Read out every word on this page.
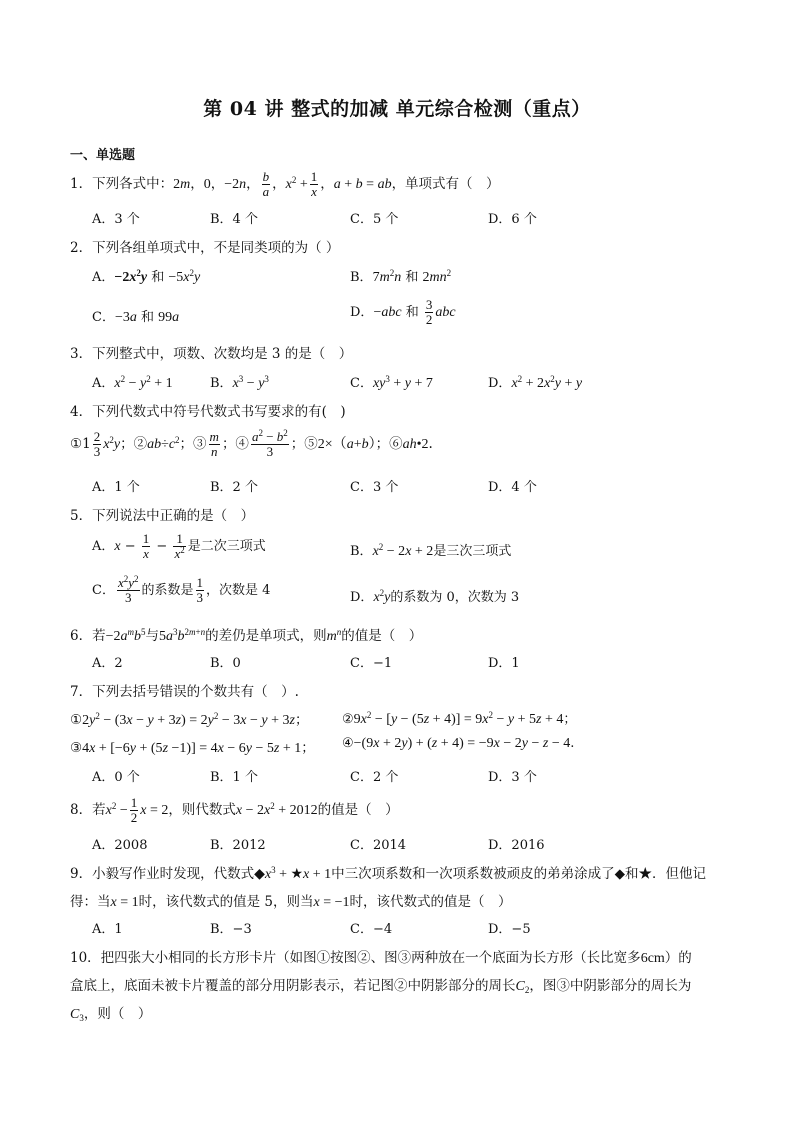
第 04 讲 整式的加减 单元综合检测（重点）
一、单选题
1．下列各式中：2m，0，−2n， $\frac{b}{a}$ ，$x^2 + \frac{1}{x}$ ，a + b = ab，单项式有（　）
A．3 个	B．4 个	C．5 个	D．6 个
2．下列各组单项式中，不是同类项的为（ ）
A．$-2x^2y$ 和 $-5x^2y$	B．$7m^2n$ 和 $2mn^2$
C．−3a 和 99a	D．−abc 和 $\frac{3}{2}$ abc
3．下列整式中，项数、次数均是 3 的是（　）
A．$x^2 - y^2 + 1$	B．$x^3 - y^3$	C．$xy^3 + y + 7$	D．$x^2 + 2x^2y + y$
4．下列代数式中符号代数式书写要求的有(　)
①1 $\frac{2}{3} x^2y$；$②ab\div c^2$；③ $\frac{m}{n}$ ；④ $\frac{a^2 - b^2}{3}$ ；⑤2×（a+b）；⑥ah•2.
A．1 个	B．2 个	C．3 个	D．4 个
5．下列说法中正确的是（　）
A．$x - \frac{1}{x} - \frac{1}{x^2}$ 是二次三项式	B．$x^2 - 2x + 2$是三次三项式
C． $\frac{x^2y^2}{3}$ 的系数是 $\frac{1}{3}$ ，次数是 4	D．$x^2y$的系数为 0，次数为 3
6．若$-2a^mb^5$与$5a^3b^{2m+n}$的差仍是单项式，则$m^n$的值是（　）
A．2	B．0	C．−1	D．1
7．下列去括号错误的个数共有（　）.
$①2y^2 - (3x - y + 3z) = 2y^2 - 3x - y + 3z$；	$②9x^2 - [y - (5z + 4)] = 9x^2 - y + 5z + 4$；
③4x + [−6y + (5z −1)] = 4x − 6y − 5z + 1； ④−(9x + 2y) + (z + 4) = −9x − 2y − z − 4.
A．0 个	B．1 个	C．2 个	D．3 个
8．若$x^2 - \frac{1}{2}$ x = 2，则代数式$x - 2x^2 + 2012$的值是（　）
A．2008	B．2012	C．2014	D．2016
9．小毅写作业时发现，代数式$◆x^3$ + ★x + 1中三次项系数和一次项系数被顽皮的弟弟涂成了◆和★．但他记
得：当x = 1时，该代数式的值是 5，则当x = −1时，该代数式的值是（　）
A．1	B．−3	C．−4	D．−5
10．把四张大小相同的长方形卡片（如图①按图②、图③两种放在一个底面为长方形（长比宽多6cm）的
盒底上，底面未被卡片覆盖的部分用阴影表示，若记图②中阴影部分的周长$C_2$，图③中阴影部分的周长为
$C_3$，则（　）
